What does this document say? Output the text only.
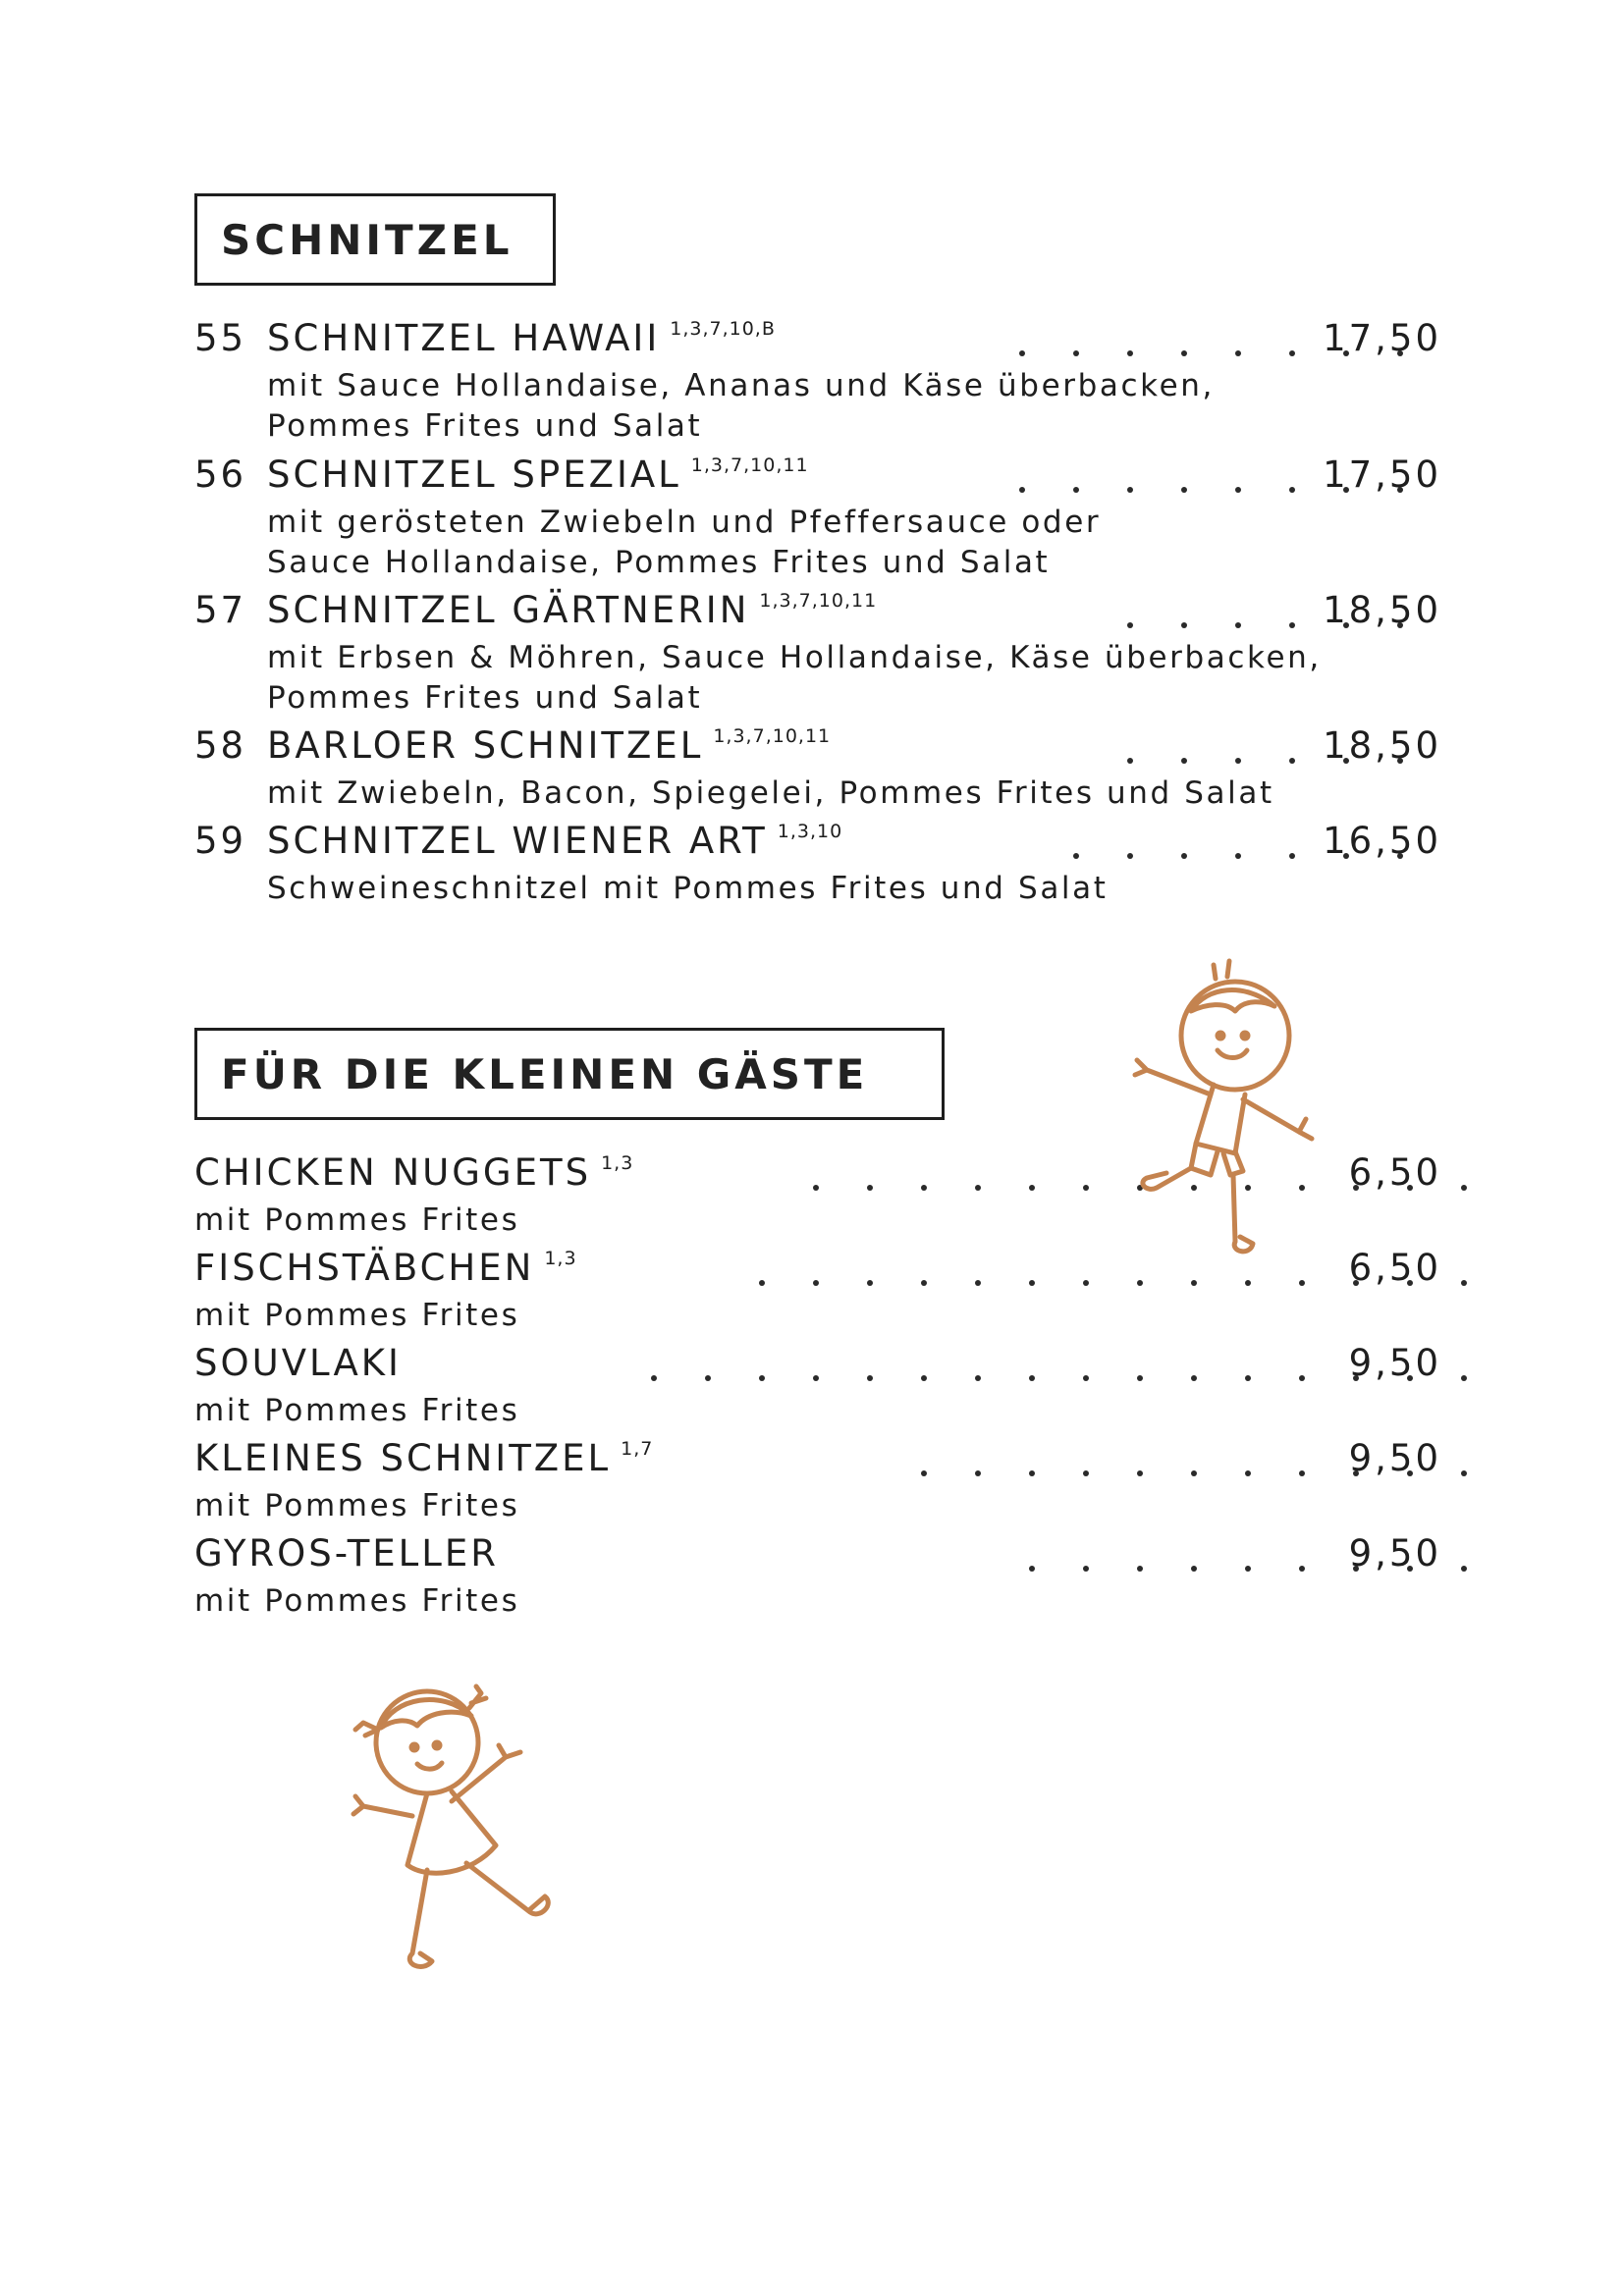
SCHNITZEL
55 SCHNITZEL HAWAII 1,3,7,10,B	17,50
mit Sauce Hollandaise, Ananas und Käse überbacken,
Pommes Frites und Salat
56 SCHNITZEL SPEZIAL 1,3,7,10,11	17,50
mit gerösteten Zwiebeln und Pfeffersauce oder
Sauce Hollandaise, Pommes Frites und Salat
57 SCHNITZEL GÄRTNERIN 1,3,7,10,11	18,50
mit Erbsen & Möhren, Sauce Hollandaise, Käse überbacken,
Pommes Frites und Salat
58 BARLOER SCHNITZEL 1,3,7,10,11	18,50
mit Zwiebeln, Bacon, Spiegelei, Pommes Frites und Salat
59 SCHNITZEL WIENER ART 1,3,10	16,50
Schweineschnitzel mit Pommes Frites und Salat
FÜR DIE KLEINEN GÄSTE
CHICKEN NUGGETS 1,3	6,50
mit Pommes Frites
FISCHSTÄBCHEN 1,3	6,50
mit Pommes Frites
SOUVLAKI	9,50
mit Pommes Frites
KLEINES SCHNITZEL 1,7	9,50
mit Pommes Frites
GYROS-TELLER	9,50
mit Pommes Frites
